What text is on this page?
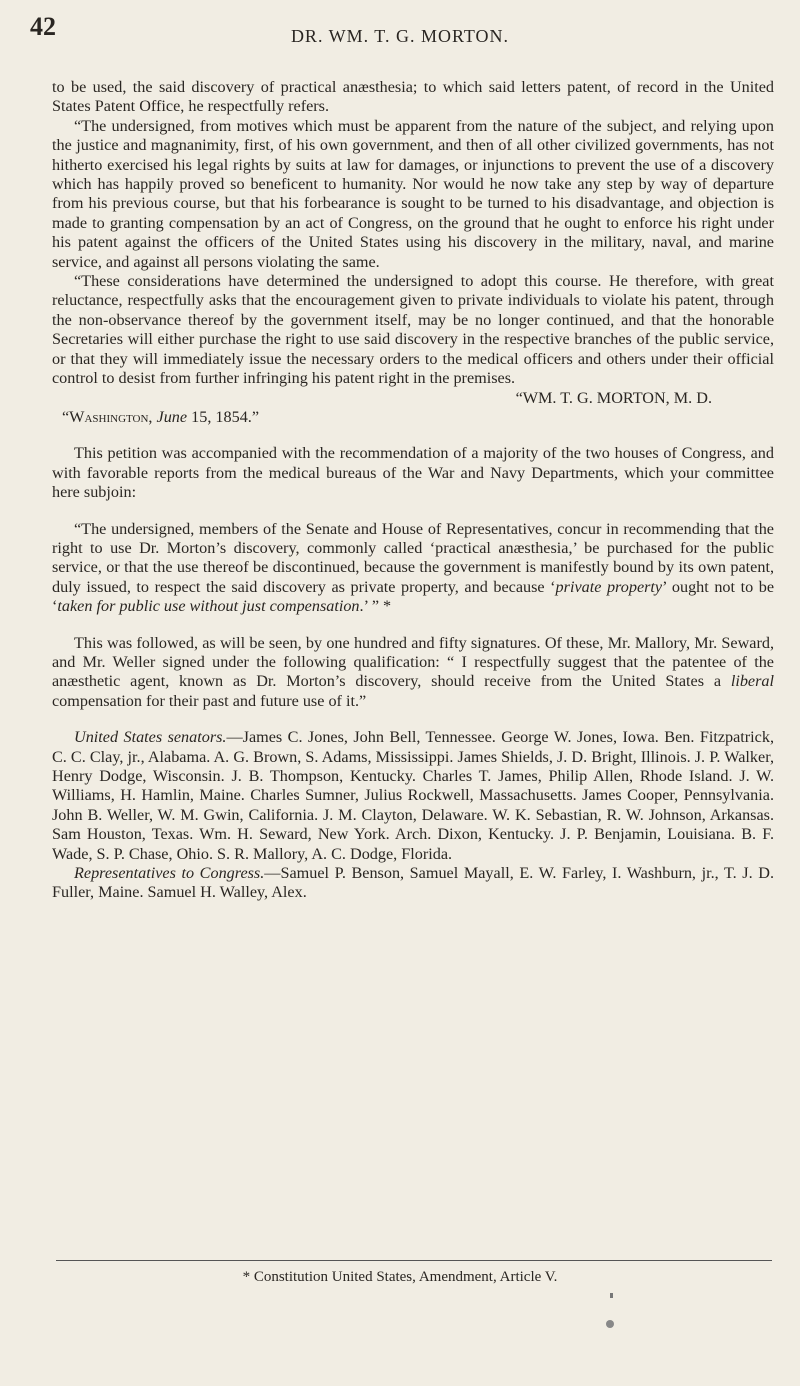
42	DR. WM. T. G. MORTON.

to be used, the said discovery of practical anæsthesia; to which said letters patent, of record in the United States Patent Office, he respectfully refers.

“The undersigned, from motives which must be apparent from the nature of the subject, and relying upon the justice and magnanimity, first, of his own government, and then of all other civilized governments, has not hitherto exercised his legal rights by suits at law for damages, or injunctions to prevent the use of a discovery which has happily proved so beneficent to humanity. Nor would he now take any step by way of departure from his previous course, but that his forbearance is sought to be turned to his disadvantage, and objection is made to granting compensation by an act of Congress, on the ground that he ought to enforce his right under his patent against the officers of the United States using his discovery in the military, naval, and marine service, and against all persons violating the same.

“These considerations have determined the undersigned to adopt this course. He therefore, with great reluctance, respectfully asks that the encouragement given to private individuals to violate his patent, through the non-observance thereof by the government itself, may be no longer continued, and that the honorable Secretaries will either purchase the right to use said discovery in the respective branches of the public service, or that they will immediately issue the necessary orders to the medical officers and others under their official control to desist from further infringing his patent right in the premises.

“WM. T. G. MORTON, M. D.

“Washington, June 15, 1854.”

This petition was accompanied with the recommendation of a majority of the two houses of Congress, and with favorable reports from the medical bureaus of the War and Navy Departments, which your committee here subjoin:

“The undersigned, members of the Senate and House of Representatives, concur in recommending that the right to use Dr. Morton’s discovery, commonly called ‘practical anæsthesia,’ be purchased for the public service, or that the use thereof be discontinued, because the government is manifestly bound by its own patent, duly issued, to respect the said discovery as private property, and because ‘private property’ ought not to be ‘taken for public use without just compensation.’ ” *

This was followed, as will be seen, by one hundred and fifty signatures. Of these, Mr. Mallory, Mr. Seward, and Mr. Weller signed under the following qualification: “ I respectfully suggest that the patentee of the anæsthetic agent, known as Dr. Morton’s discovery, should receive from the United States a liberal compensation for their past and future use of it.”

United States senators.—James C. Jones, John Bell, Tennessee. George W. Jones, Iowa. Ben. Fitzpatrick, C. C. Clay, jr., Alabama. A. G. Brown, S. Adams, Mississippi. James Shields, J. D. Bright, Illinois. J. P. Walker, Henry Dodge, Wisconsin. J. B. Thompson, Kentucky. Charles T. James, Philip Allen, Rhode Island. J. W. Williams, H. Hamlin, Maine. Charles Sumner, Julius Rockwell, Massachusetts. James Cooper, Pennsylvania. John B. Weller, W. M. Gwin, California. J. M. Clayton, Delaware. W. K. Sebastian, R. W. Johnson, Arkansas. Sam Houston, Texas. Wm. H. Seward, New York. Arch. Dixon, Kentucky. J. P. Benjamin, Louisiana. B. F. Wade, S. P. Chase, Ohio. S. R. Mallory, A. C. Dodge, Florida.

Representatives to Congress.—Samuel P. Benson, Samuel Mayall, E. W. Farley, I. Washburn, jr., T. J. D. Fuller, Maine. Samuel H. Walley, Alex.

* Constitution United States, Amendment, Article V.
